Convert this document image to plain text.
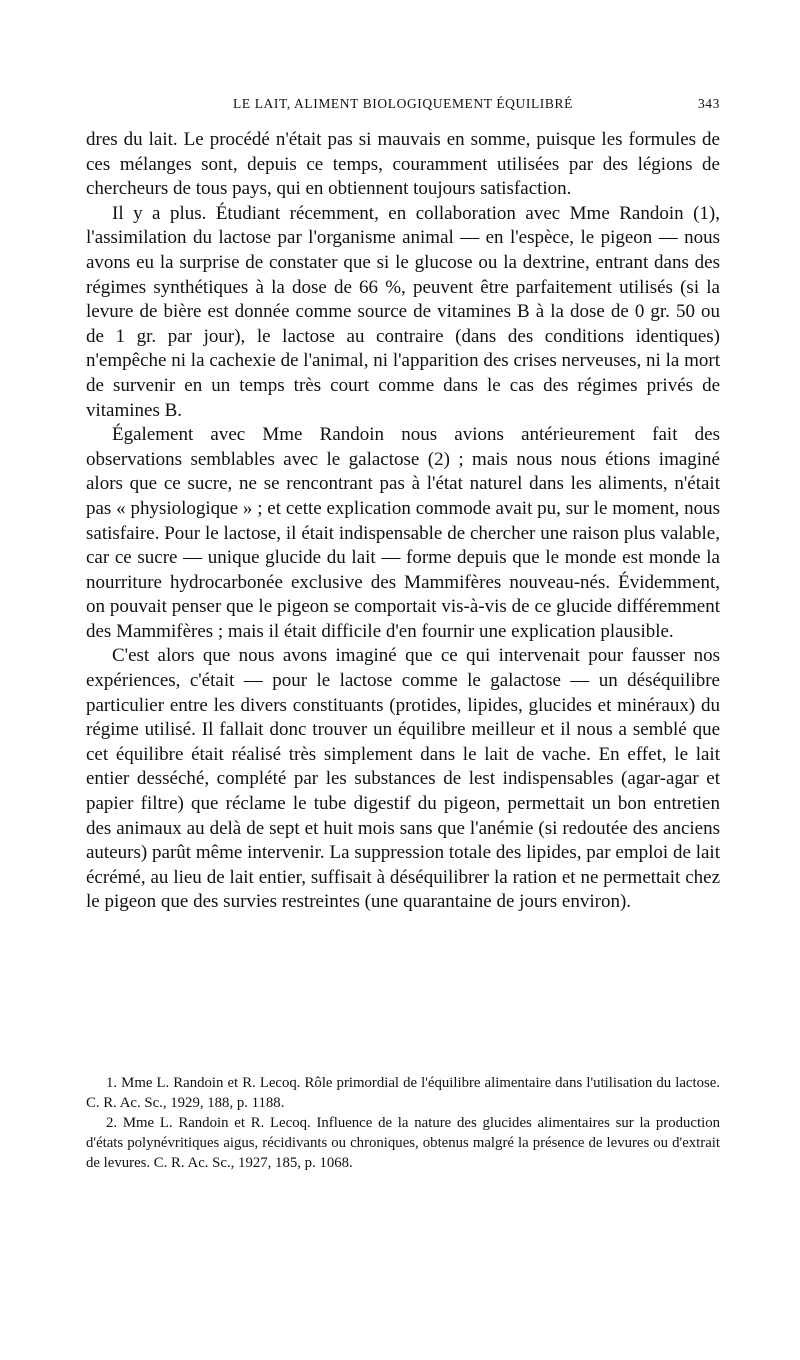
LE LAIT, ALIMENT BIOLOGIQUEMENT ÉQUILIBRÉ	343

dres du lait. Le procédé n'était pas si mauvais en somme, puisque les formules de ces mélanges sont, depuis ce temps, couramment utilisées par des légions de chercheurs de tous pays, qui en obtiennent toujours satisfaction.

Il y a plus. Étudiant récemment, en collaboration avec Mme Randoin (1), l'assimilation du lactose par l'organisme animal — en l'espèce, le pigeon — nous avons eu la surprise de constater que si le glucose ou la dextrine, entrant dans des régimes synthétiques à la dose de 66 %, peuvent être parfaitement utilisés (si la levure de bière est donnée comme source de vitamines B à la dose de 0 gr. 50 ou de 1 gr. par jour), le lactose au contraire (dans des conditions identiques) n'empêche ni la cachexie de l'animal, ni l'apparition des crises nerveuses, ni la mort de survenir en un temps très court comme dans le cas des régimes privés de vitamines B.

Également avec Mme Randoin nous avions antérieurement fait des observations semblables avec le galactose (2) ; mais nous nous étions imaginé alors que ce sucre, ne se rencontrant pas à l'état naturel dans les aliments, n'était pas « physiologique » ; et cette explication commode avait pu, sur le moment, nous satisfaire. Pour le lactose, il était indispensable de chercher une raison plus valable, car ce sucre — unique glucide du lait — forme depuis que le monde est monde la nourriture hydrocarbonée exclusive des Mammifères nouveau-nés. Évidemment, on pouvait penser que le pigeon se comportait vis-à-vis de ce glucide différemment des Mammifères ; mais il était difficile d'en fournir une explication plausible.

C'est alors que nous avons imaginé que ce qui intervenait pour fausser nos expériences, c'était — pour le lactose comme le galactose — un déséquilibre particulier entre les divers constituants (protides, lipides, glucides et minéraux) du régime utilisé. Il fallait donc trouver un équilibre meilleur et il nous a semblé que cet équilibre était réalisé très simplement dans le lait de vache. En effet, le lait entier desséché, complété par les substances de lest indispensables (agar-agar et papier filtre) que réclame le tube digestif du pigeon, permettait un bon entretien des animaux au delà de sept et huit mois sans que l'anémie (si redoutée des anciens auteurs) parût même intervenir. La suppression totale des lipides, par emploi de lait écrémé, au lieu de lait entier, suffisait à déséquilibrer la ration et ne permettait chez le pigeon que des survies restreintes (une quarantaine de jours environ).

1. Mme L. Randoin et R. Lecoq. Rôle primordial de l'équilibre alimentaire dans l'utilisation du lactose. C. R. Ac. Sc., 1929, 188, p. 1188.

2. Mme L. Randoin et R. Lecoq. Influence de la nature des glucides alimentaires sur la production d'états polynévritiques aigus, récidivants ou chroniques, obtenus malgré la présence de levures ou d'extrait de levures. C. R. Ac. Sc., 1927, 185, p. 1068.
